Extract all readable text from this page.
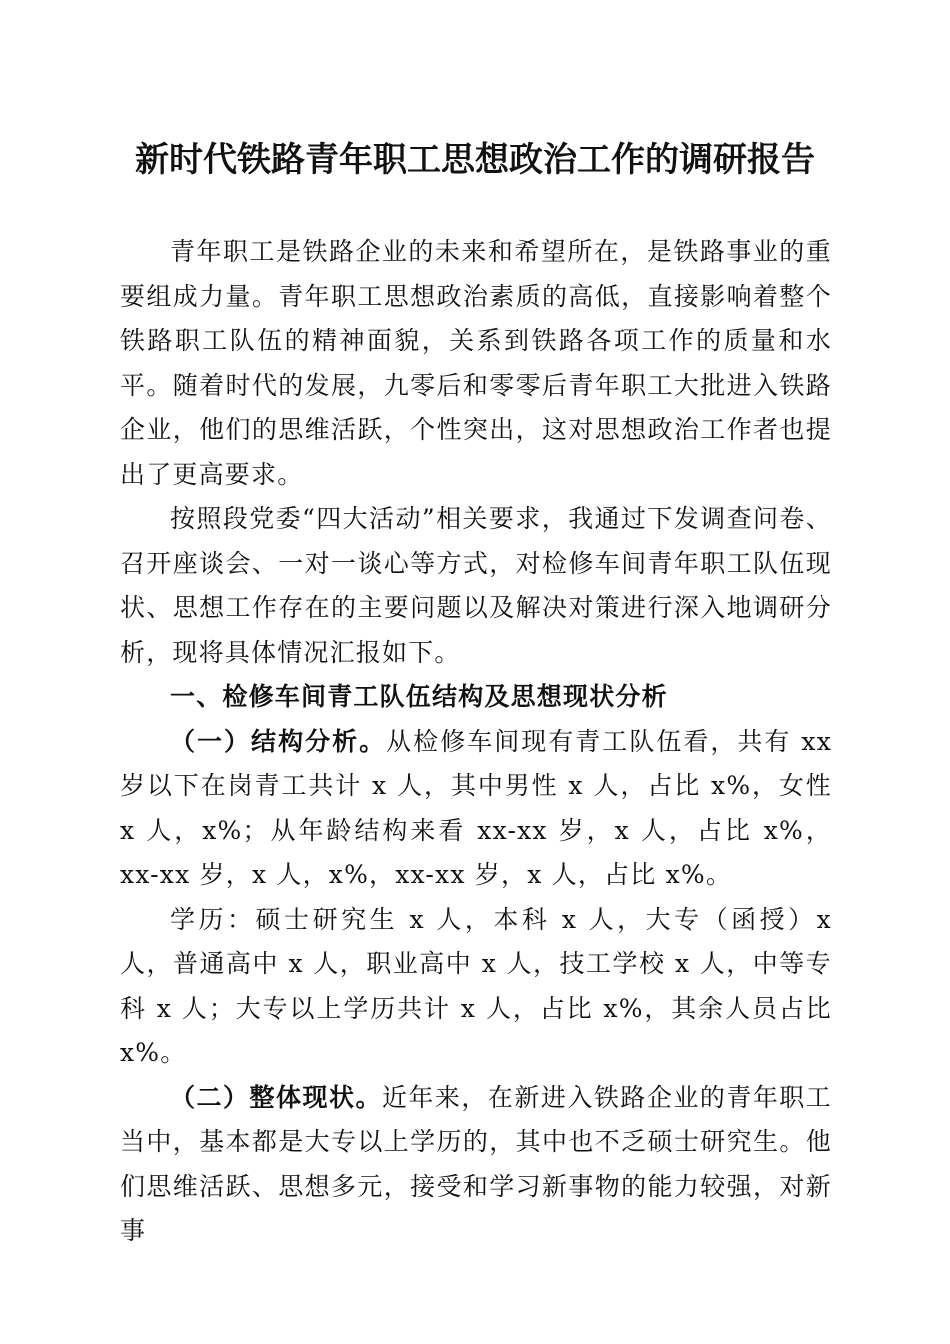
新时代铁路青年职工思想政治工作的调研报告

青年职工是铁路企业的未来和希望所在，是铁路事业的重要组成力量。青年职工思想政治素质的高低，直接影响着整个铁路职工队伍的精神面貌，关系到铁路各项工作的质量和水平。随着时代的发展，九零后和零零后青年职工大批进入铁路企业，他们的思维活跃，个性突出，这对思想政治工作者也提出了更高要求。

按照段党委“四大活动”相关要求，我通过下发调查问卷、召开座谈会、一对一谈心等方式，对检修车间青年职工队伍现状、思想工作存在的主要问题以及解决对策进行深入地调研分析，现将具体情况汇报如下。

一、检修车间青工队伍结构及思想现状分析

（一）结构分析。从检修车间现有青工队伍看，共有 xx 岁以下在岗青工共计 x 人，其中男性 x 人，占比 x%，女性 x 人，x%；从年龄结构来看 xx-xx 岁，x 人，占比 x%，xx-xx 岁，x 人，x%，xx-xx 岁，x 人，占比 x%。

学历：硕士研究生 x 人，本科 x 人，大专（函授）x 人，普通高中 x 人，职业高中 x 人，技工学校 x 人，中等专科 x 人；大专以上学历共计 x 人，占比 x%，其余人员占比 x%。

（二）整体现状。近年来，在新进入铁路企业的青年职工当中，基本都是大专以上学历的，其中也不乏硕士研究生。他们思维活跃、思想多元，接受和学习新事物的能力较强，对新事
